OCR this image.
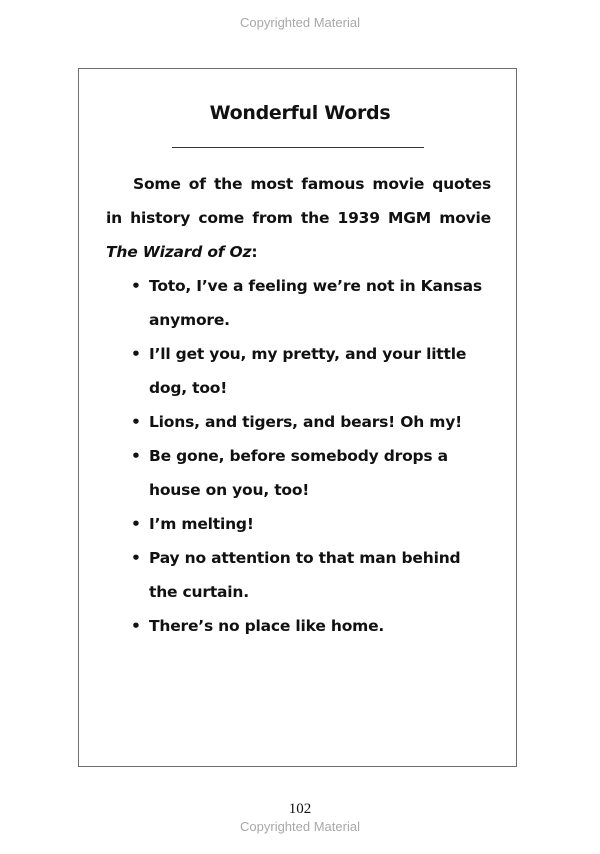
Copyrighted Material
Wonderful Words

Some of the most famous movie quotes in history come from the 1939 MGM movie The Wizard of Oz:

• Toto, I’ve a feeling we’re not in Kansas anymore.
• I’ll get you, my pretty, and your little dog, too!
• Lions, and tigers, and bears! Oh my!
• Be gone, before somebody drops a house on you, too!
• I’m melting!
• Pay no attention to that man behind the curtain.
• There’s no place like home.
102
Copyrighted Material
